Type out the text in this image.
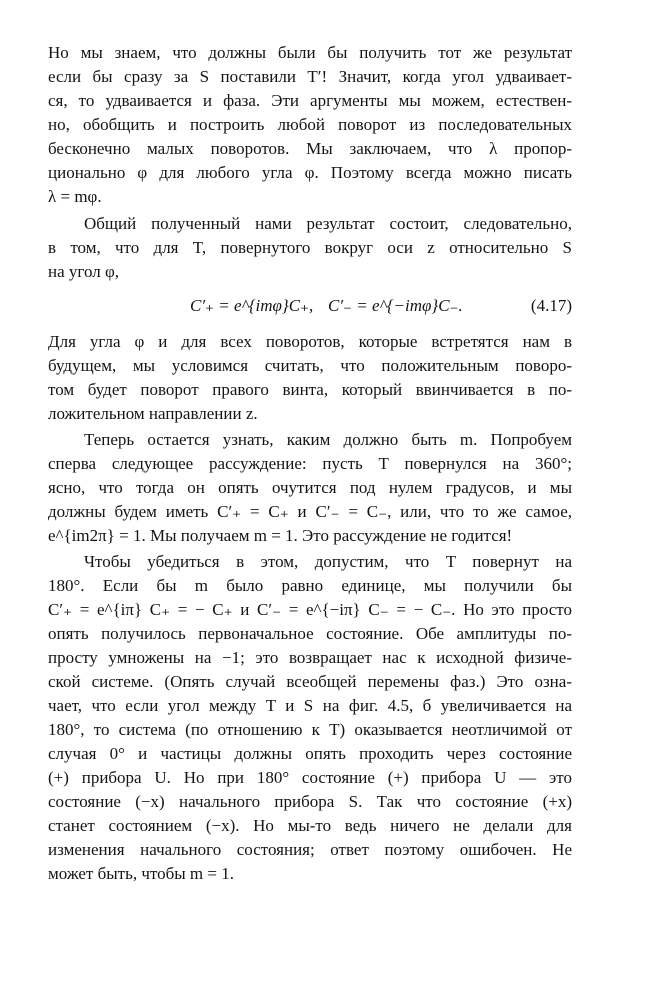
Но мы знаем, что должны были бы получить тот же результат
если бы сразу за S поставили T′! Значит, когда угол удваивает-
ся, то удваивается и фаза. Эти аргументы мы можем, естествен-
но, обобщить и построить любой поворот из последовательных
бесконечно малых поворотов. Мы заключаем, что λ пропор-
ционально φ для любого угла φ. Поэтому всегда можно писать
λ = mφ.
Общий полученный нами результат состоит, следовательно,
в том, что для T, повернутого вокруг оси z относительно S
на угол φ,
C′₊ = e^{imφ}C₊, C′₋ = e^{−imφ}C₋.	(4.17)
Для угла φ и для всех поворотов, которые встретятся нам в
будущем, мы условимся считать, что положительным поворо-
том будет поворот правого винта, который ввинчивается в по-
ложительном направлении z.
Теперь остается узнать, каким должно быть m. Попробуем
сперва следующее рассуждение: пусть T повернулся на 360°;
ясно, что тогда он опять очутится под нулем градусов, и мы
должны будем иметь C′₊ = C₊ и C′₋ = C₋, или, что то же самое,
e^{im2π} = 1. Мы получаем m = 1. Это рассуждение не годится!
Чтобы убедиться в этом, допустим, что T повернут на
180°. Если бы m было равно единице, мы получили бы
C′₊ = e^{iπ} C₊ = − C₊ и C′₋ = e^{−iπ} C₋ = − C₋. Но это просто
опять получилось первоначальное состояние. Обе амплитуды по-
просту умножены на −1; это возвращает нас к исходной физиче-
ской системе. (Опять случай всеобщей перемены фаз.) Это озна-
чает, что если угол между T и S на фиг. 4.5, б увеличивается на
180°, то система (по отношению к T) оказывается неотличимой от
случая 0° и частицы должны опять проходить через состояние
(+) прибора U. Но при 180° состояние (+) прибора U — это
состояние (−x) начального прибора S. Так что состояние (+x)
станет состоянием (−x). Но мы-то ведь ничего не делали для
изменения начального состояния; ответ поэтому ошибочен. Не
может быть, чтобы m = 1.
